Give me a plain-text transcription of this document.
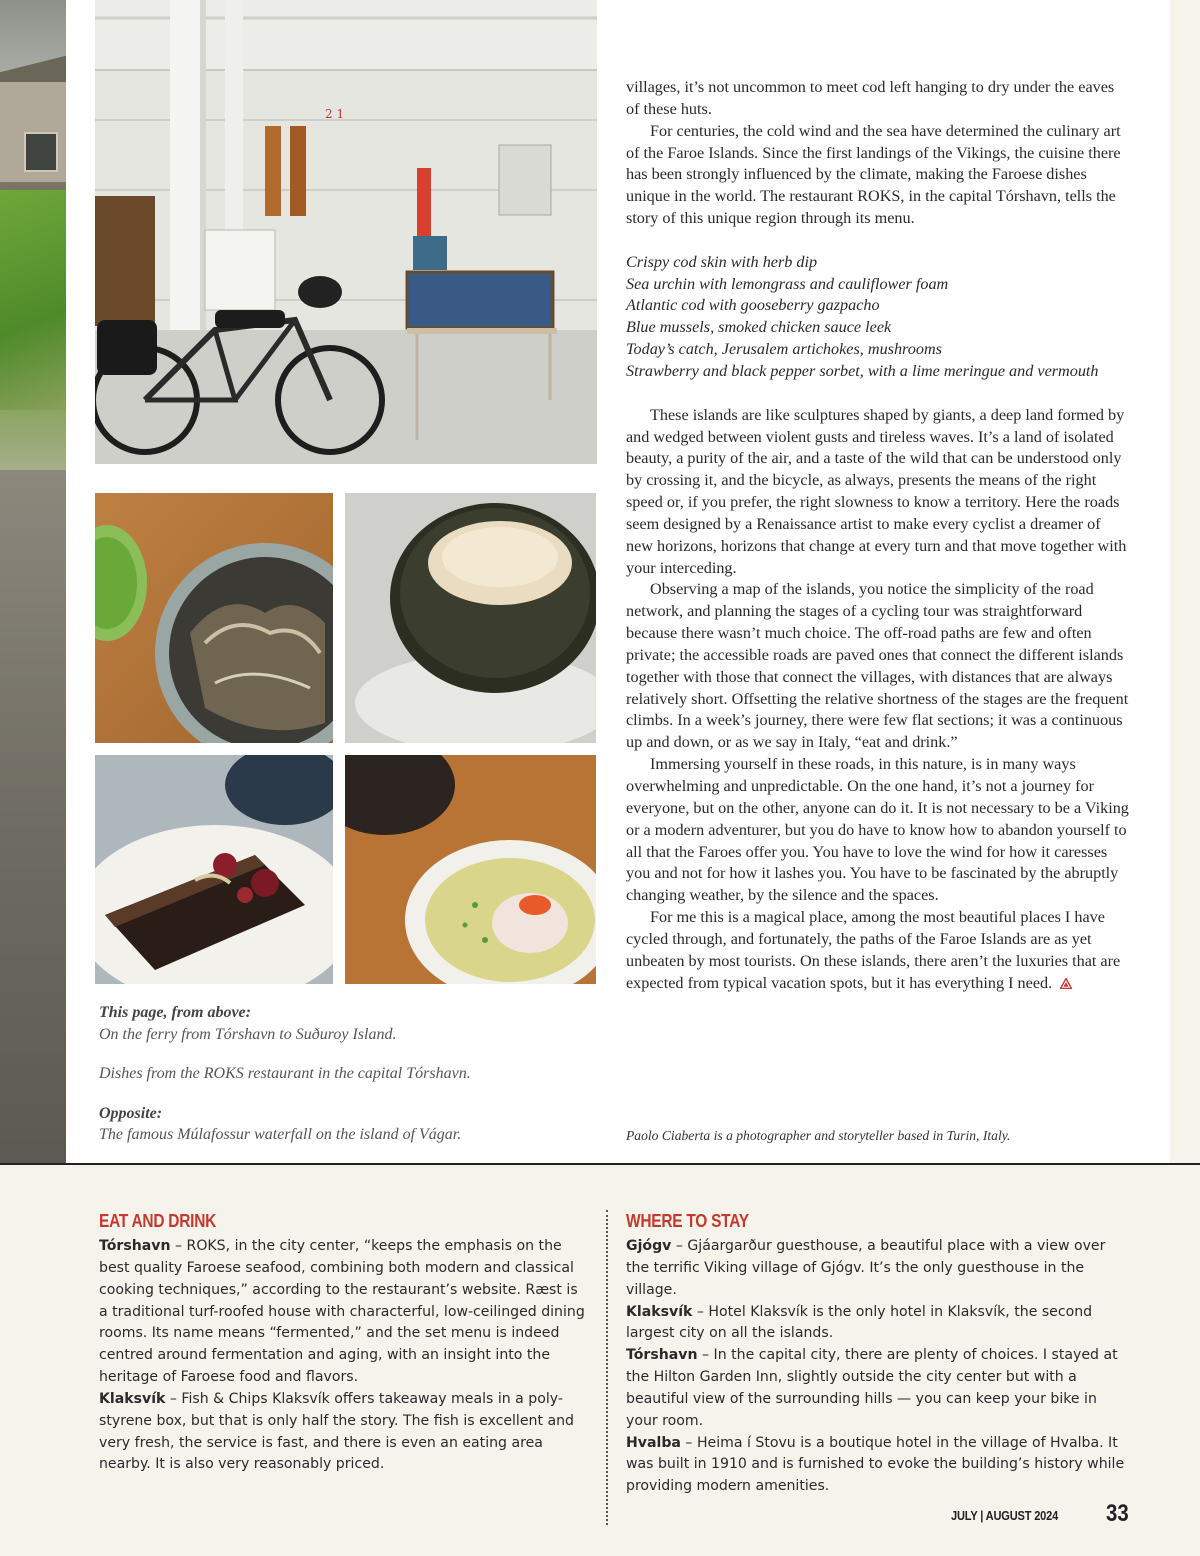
2 1

villages, it’s not uncommon to meet cod left hanging to dry under the eaves of these huts.

For centuries, the cold wind and the sea have determined the culinary art of the Faroe Islands. Since the first landings of the Vikings, the cuisine there has been strongly influenced by the climate, making the Faroese dishes unique in the world. The restaurant ROKS, in the capital Tórshavn, tells the story of this unique region through its menu.

Crispy cod skin with herb dip
Sea urchin with lemongrass and cauliflower foam
Atlantic cod with gooseberry gazpacho
Blue mussels, smoked chicken sauce leek
Today’s catch, Jerusalem artichokes, mushrooms
Strawberry and black pepper sorbet, with a lime meringue and vermouth

These islands are like sculptures shaped by giants, a deep land formed by and wedged between violent gusts and tireless waves. It’s a land of isolated beauty, a purity of the air, and a taste of the wild that can be understood only by crossing it, and the bicycle, as always, presents the means of the right speed or, if you prefer, the right slowness to know a territory. Here the roads seem designed by a Renaissance artist to make every cyclist a dreamer of new horizons, horizons that change at every turn and that move together with your interceding.

Observing a map of the islands, you notice the simplicity of the road network, and planning the stages of a cycling tour was straightforward because there wasn’t much choice. The off-road paths are few and often private; the accessible roads are paved ones that connect the different islands together with those that connect the villages, with distances that are always relatively short. Offsetting the relative shortness of the stages are the frequent climbs. In a week’s journey, there were few flat sections; it was a continuous up and down, or as we say in Italy, “eat and drink.”

Immersing yourself in these roads, in this nature, is in many ways overwhelming and unpredictable. On the one hand, it’s not a journey for everyone, but on the other, anyone can do it. It is not necessary to be a Viking or a modern adventurer, but you do have to know how to abandon yourself to all that the Faroes offer you. You have to love the wind for how it caresses you and not for how it lashes you. You have to be fascinated by the abruptly changing weather, by the silence and the spaces.

For me this is a magical place, among the most beautiful places I have cycled through, and fortunately, the paths of the Faroe Islands are as yet unbeaten by most tourists. On these islands, there aren’t the luxuries that are expected from typical vacation spots, but it has everything I need.

Paolo Ciaberta is a photographer and storyteller based in Turin, Italy.
This page, from above:
On the ferry from Tórshavn to Suðuroy Island.
Dishes from the ROKS restaurant in the capital Tórshavn.
Opposite:
The famous Múlafossur waterfall on the island of Vágar.
EAT AND DRINK
Tórshavn – ROKS, in the city center, “keeps the emphasis on the best quality Faroese seafood, combining both modern and classical cooking techniques,” according to the restaurant’s website. Ræst is a traditional turf-roofed house with characterful, low-ceilinged dining rooms. Its name means “fermented,” and the set menu is indeed centred around fermentation and aging, with an insight into the heritage of Faroese food and flavors.
Klaksvík – Fish & Chips Klaksvík offers takeaway meals in a poly-styrene box, but that is only half the story. The fish is excellent and very fresh, the service is fast, and there is even an eating area nearby. It is also very reasonably priced.
WHERE TO STAY
Gjógv – Gjáargarður guesthouse, a beautiful place with a view over the terrific Viking village of Gjógv. It’s the only guesthouse in the village.
Klaksvík – Hotel Klaksvík is the only hotel in Klaksvík, the second largest city on all the islands.
Tórshavn – In the capital city, there are plenty of choices. I stayed at the Hilton Garden Inn, slightly outside the city center but with a beautiful view of the surrounding hills — you can keep your bike in your room.
Hvalba – Heima í Stovu is a boutique hotel in the village of Hvalba. It was built in 1910 and is furnished to evoke the building’s history while providing modern amenities.
JULY | AUGUST 2024 33
